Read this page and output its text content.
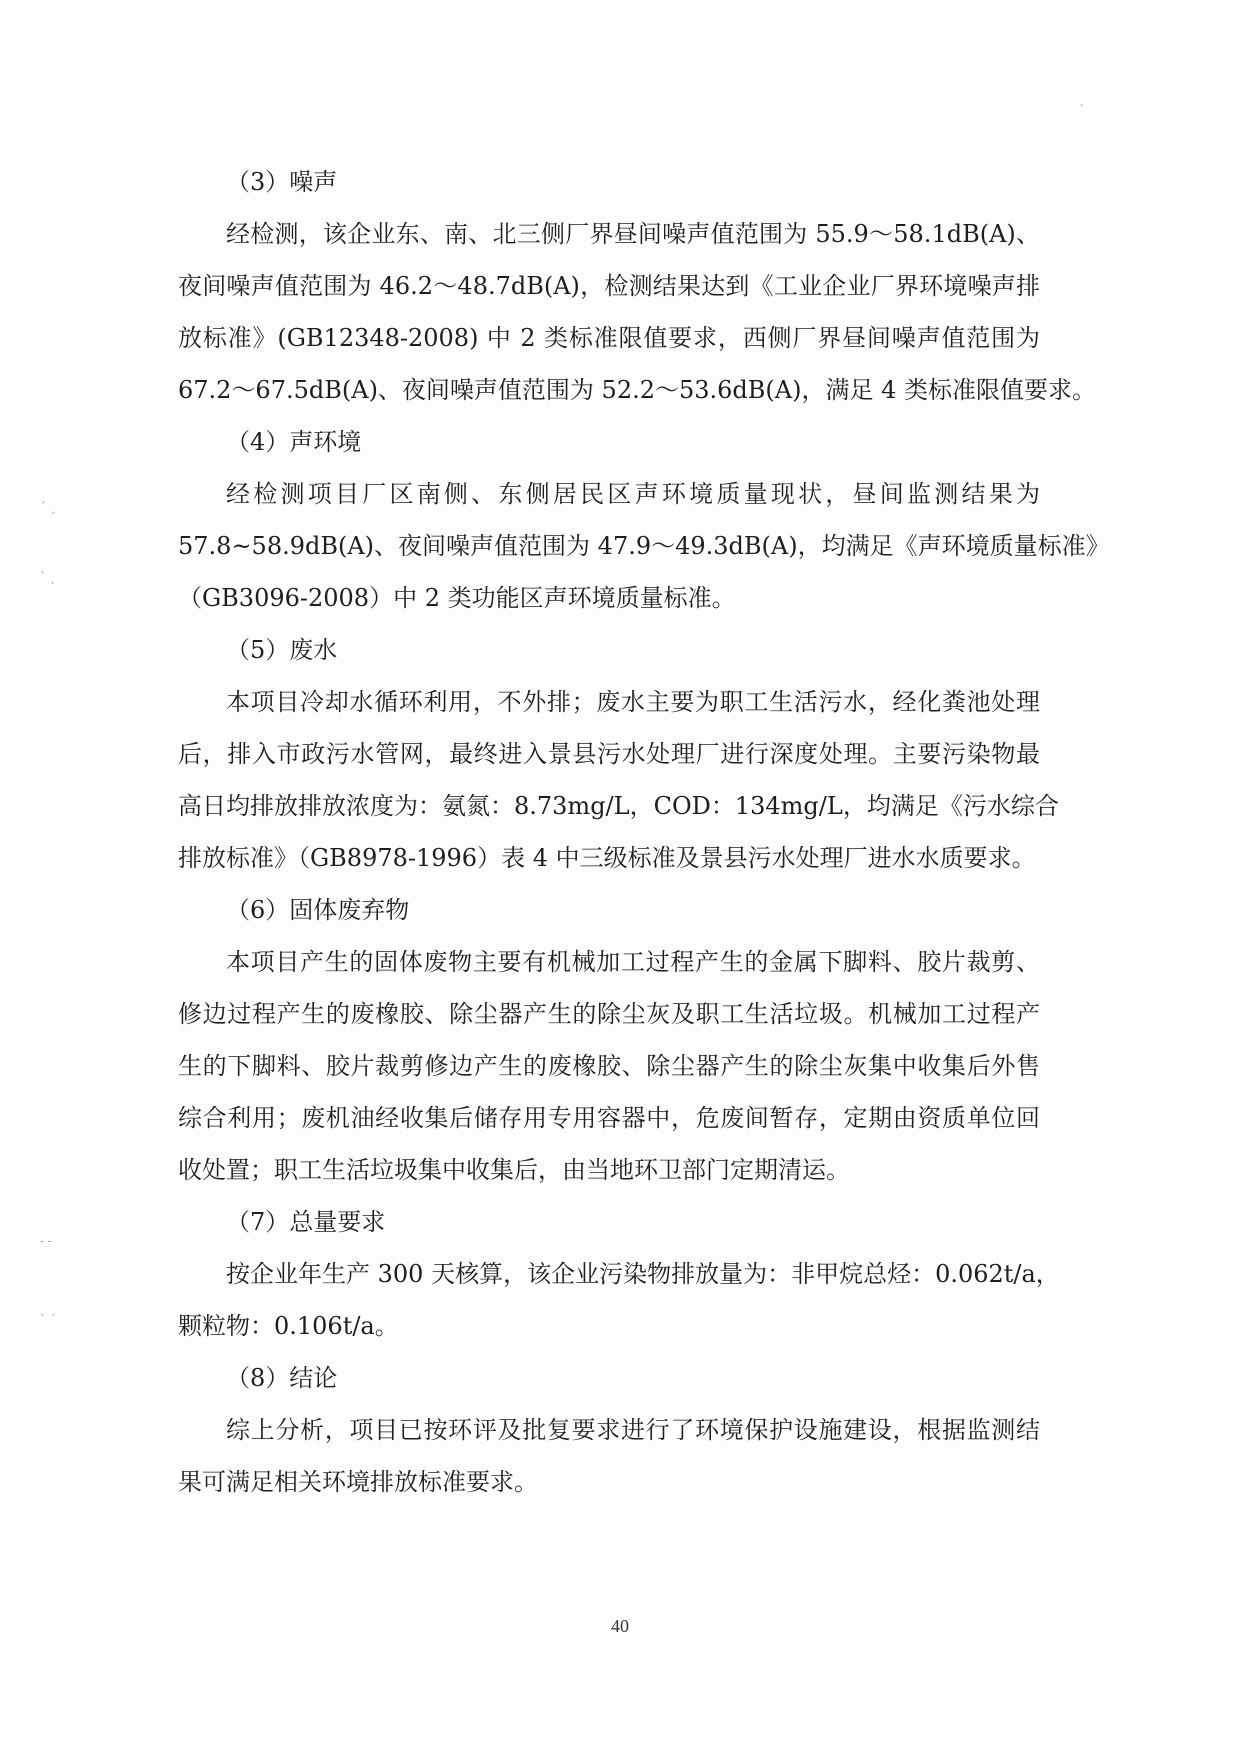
（3）噪声

经检测，该企业东、南、北三侧厂界昼间噪声值范围为 55.9～58.1dB(A)、
夜间噪声值范围为 46.2～48.7dB(A)，检测结果达到《工业企业厂界环境噪声排
放标准》(GB12348-2008) 中 2 类标准限值要求，西侧厂界昼间噪声值范围为
67.2～67.5dB(A)、夜间噪声值范围为 52.2～53.6dB(A)，满足 4 类标准限值要求。

（4）声环境

经检测项目厂区南侧、东侧居民区声环境质量现状，昼间监测结果为
57.8~58.9dB(A)、夜间噪声值范围为 47.9～49.3dB(A)，均满足《声环境质量标准》
（GB3096-2008）中 2 类功能区声环境质量标准。

（5）废水

本项目冷却水循环利用，不外排；废水主要为职工生活污水，经化粪池处理
后，排入市政污水管网，最终进入景县污水处理厂进行深度处理。主要污染物最
高日均排放排放浓度为：氨氮：8.73mg/L，COD：134mg/L，均满足《污水综合
排放标准》（GB8978-1996）表 4 中三级标准及景县污水处理厂进水水质要求。

（6）固体废弃物

本项目产生的固体废物主要有机械加工过程产生的金属下脚料、胶片裁剪、
修边过程产生的废橡胶、除尘器产生的除尘灰及职工生活垃圾。机械加工过程产
生的下脚料、胶片裁剪修边产生的废橡胶、除尘器产生的除尘灰集中收集后外售
综合利用；废机油经收集后储存用专用容器中，危废间暂存，定期由资质单位回
收处置；职工生活垃圾集中收集后，由当地环卫部门定期清运。

（7）总量要求

按企业年生产 300 天核算，该企业污染物排放量为：非甲烷总烃：0.062t/a，
颗粒物：0.106t/a。

（8）结论

综上分析，项目已按环评及批复要求进行了环境保护设施建设，根据监测结
果可满足相关环境排放标准要求。

40
ˊ ˏ
ˋ ˎ
˗ ˗
ˎ ˏ
ˑ
